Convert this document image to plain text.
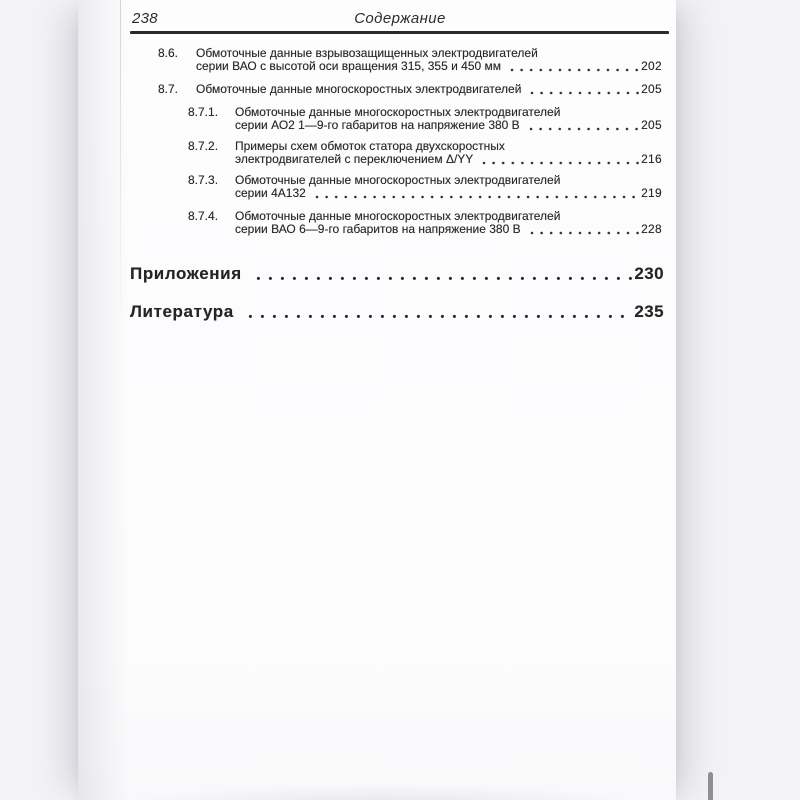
238	Содержание
8.6.	Обмоточные данные взрывозащищенных электродвигателей
серии ВАО с высотой оси вращения 315, 355 и 450 мм	202
8.7.	Обмоточные данные многоскоростных электродвигателей	205
8.7.1.	Обмоточные данные многоскоростных электродвигателей
серии АО2 1—9-го габаритов на напряжение 380 В	205
8.7.2.	Примеры схем обмоток статора двухскоростных
электродвигателей с переключением Δ/YY	216
8.7.3.	Обмоточные данные многоскоростных электродвигателей
серии 4А132	219
8.7.4.	Обмоточные данные многоскоростных электродвигателей
серии ВАО 6—9-го габаритов на напряжение 380 В	228
Приложения	230
Литература	235
